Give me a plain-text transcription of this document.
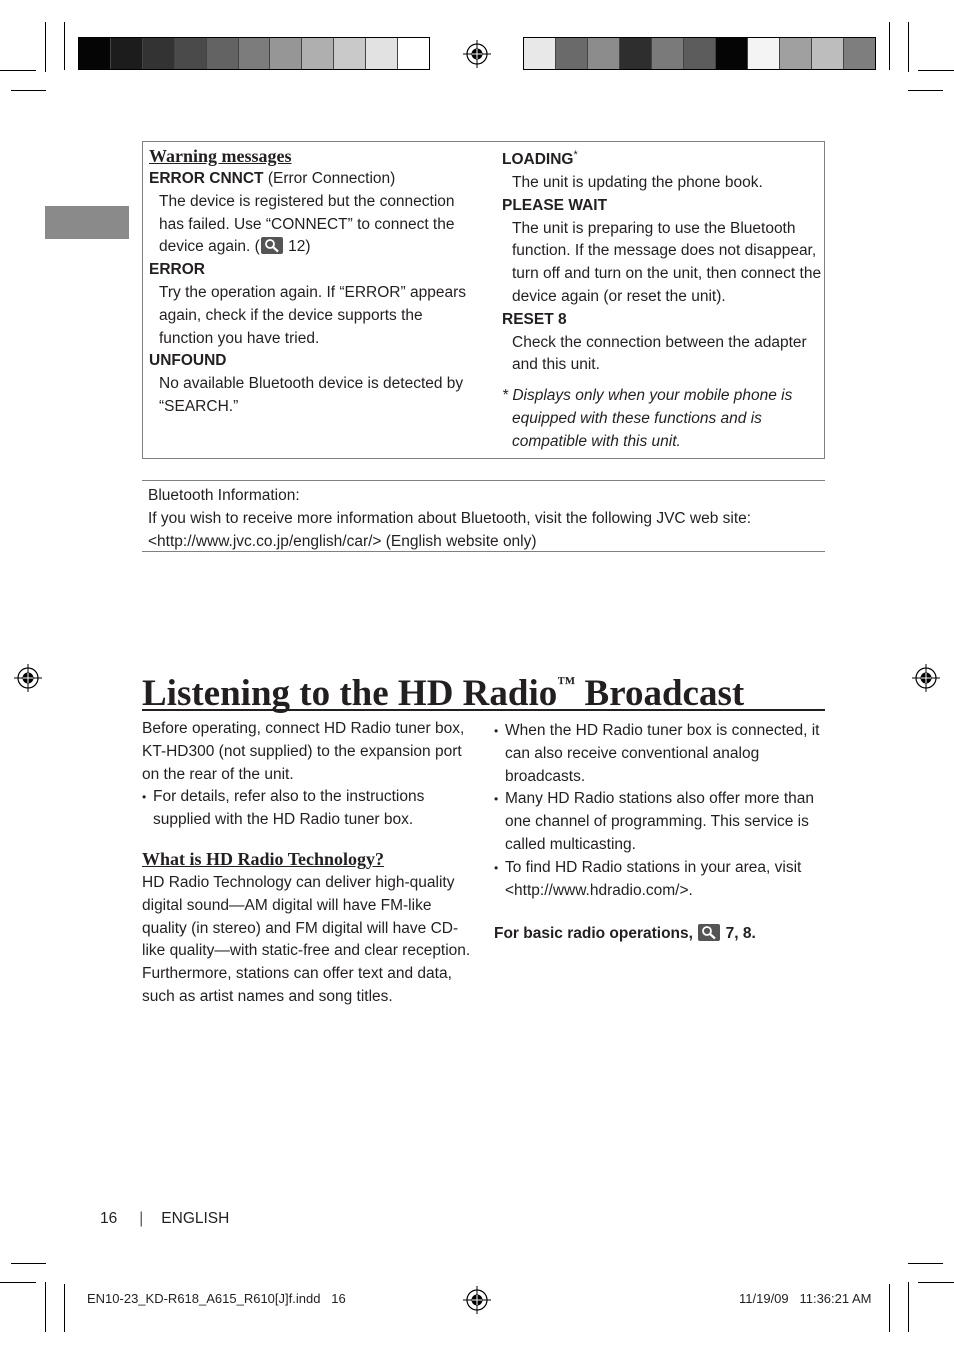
Warning messages
ERROR CNNCT (Error Connection)
The device is registered but the connection has failed. Use “CONNECT” to connect the device again. ( 12)
ERROR
Try the operation again. If “ERROR” appears again, check if the device supports the function you have tried.
UNFOUND
No available Bluetooth device is detected by “SEARCH.”
LOADING*
The unit is updating the phone book.
PLEASE WAIT
The unit is preparing to use the Bluetooth function. If the message does not disappear, turn off and turn on the unit, then connect the device again (or reset the unit).
RESET 8
Check the connection between the adapter and this unit.
* Displays only when your mobile phone is equipped with these functions and is compatible with this unit.
Bluetooth Information:
If you wish to receive more information about Bluetooth, visit the following JVC web site:
<http://www.jvc.co.jp/english/car/> (English website only)
Listening to the HD Radio™ Broadcast
Before operating, connect HD Radio tuner box, KT-HD300 (not supplied) to the expansion port on the rear of the unit.
• For details, refer also to the instructions supplied with the HD Radio tuner box.
What is HD Radio Technology?
HD Radio Technology can deliver high-quality digital sound—AM digital will have FM-like quality (in stereo) and FM digital will have CD-like quality—with static-free and clear reception. Furthermore, stations can offer text and data, such as artist names and song titles.
• When the HD Radio tuner box is connected, it can also receive conventional analog broadcasts.
• Many HD Radio stations also offer more than one channel of programming. This service is called multicasting.
• To find HD Radio stations in your area, visit <http://www.hdradio.com/>.
For basic radio operations, 7, 8.
16 | ENGLISH
EN10-23_KD-R618_A615_R610[J]f.indd   16	11/19/09   11:36:21 AM
